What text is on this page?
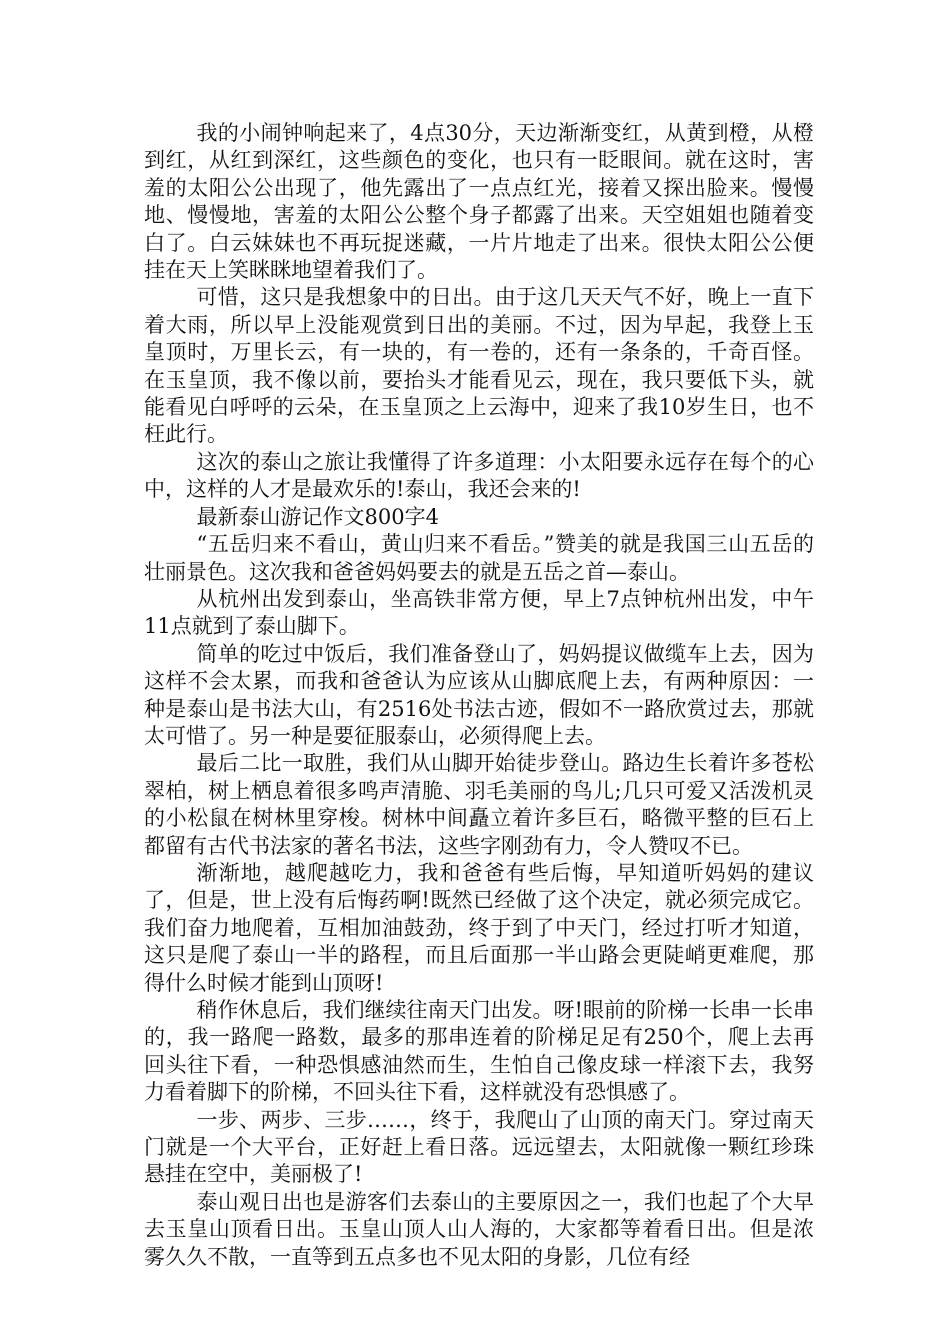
我的小闹钟响起来了，4点30分，天边渐渐变红，从黄到橙，从橙到红，从红到深红，这些颜色的变化，也只有一眨眼间。就在这时，害羞的太阳公公出现了，他先露出了一点点红光，接着又探出脸来。慢慢地、慢慢地，害羞的太阳公公整个身子都露了出来。天空姐姐也随着变白了。白云妹妹也不再玩捉迷藏，一片片地走了出来。很快太阳公公便挂在天上笑眯眯地望着我们了。

可惜，这只是我想象中的日出。由于这几天天气不好，晚上一直下着大雨，所以早上没能观赏到日出的美丽。不过，因为早起，我登上玉皇顶时，万里长云，有一块的，有一卷的，还有一条条的，千奇百怪。在玉皇顶，我不像以前，要抬头才能看见云，现在，我只要低下头，就能看见白呼呼的云朵，在玉皇顶之上云海中，迎来了我10岁生日，也不枉此行。

这次的泰山之旅让我懂得了许多道理：小太阳要永远存在每个的心中，这样的人才是最欢乐的!泰山，我还会来的!

最新泰山游记作文800字4

“五岳归来不看山，黄山归来不看岳。”赞美的就是我国三山五岳的壮丽景色。这次我和爸爸妈妈要去的就是五岳之首—泰山。

从杭州出发到泰山，坐高铁非常方便，早上7点钟杭州出发，中午11点就到了泰山脚下。

简单的吃过中饭后，我们准备登山了，妈妈提议做缆车上去，因为这样不会太累，而我和爸爸认为应该从山脚底爬上去，有两种原因：一种是泰山是书法大山，有2516处书法古迹，假如不一路欣赏过去，那就太可惜了。另一种是要征服泰山，必须得爬上去。

最后二比一取胜，我们从山脚开始徒步登山。路边生长着许多苍松翠柏，树上栖息着很多鸣声清脆、羽毛美丽的鸟儿;几只可爱又活泼机灵的小松鼠在树林里穿梭。树林中间矗立着许多巨石，略微平整的巨石上都留有古代书法家的著名书法，这些字刚劲有力，令人赞叹不已。

渐渐地，越爬越吃力，我和爸爸有些后悔，早知道听妈妈的建议了，但是，世上没有后悔药啊!既然已经做了这个决定，就必须完成它。我们奋力地爬着，互相加油鼓劲，终于到了中天门，经过打听才知道，这只是爬了泰山一半的路程，而且后面那一半山路会更陡峭更难爬，那得什么时候才能到山顶呀!

稍作休息后，我们继续往南天门出发。呀!眼前的阶梯一长串一长串的，我一路爬一路数，最多的那串连着的阶梯足足有250个，爬上去再回头往下看，一种恐惧感油然而生，生怕自己像皮球一样滚下去，我努力看着脚下的阶梯，不回头往下看，这样就没有恐惧感了。

一步、两步、三步……，终于，我爬山了山顶的南天门。穿过南天门就是一个大平台，正好赶上看日落。远远望去，太阳就像一颗红珍珠悬挂在空中，美丽极了!

泰山观日出也是游客们去泰山的主要原因之一，我们也起了个大早去玉皇山顶看日出。玉皇山顶人山人海的，大家都等着看日出。但是浓雾久久不散，一直等到五点多也不见太阳的身影，几位有经
